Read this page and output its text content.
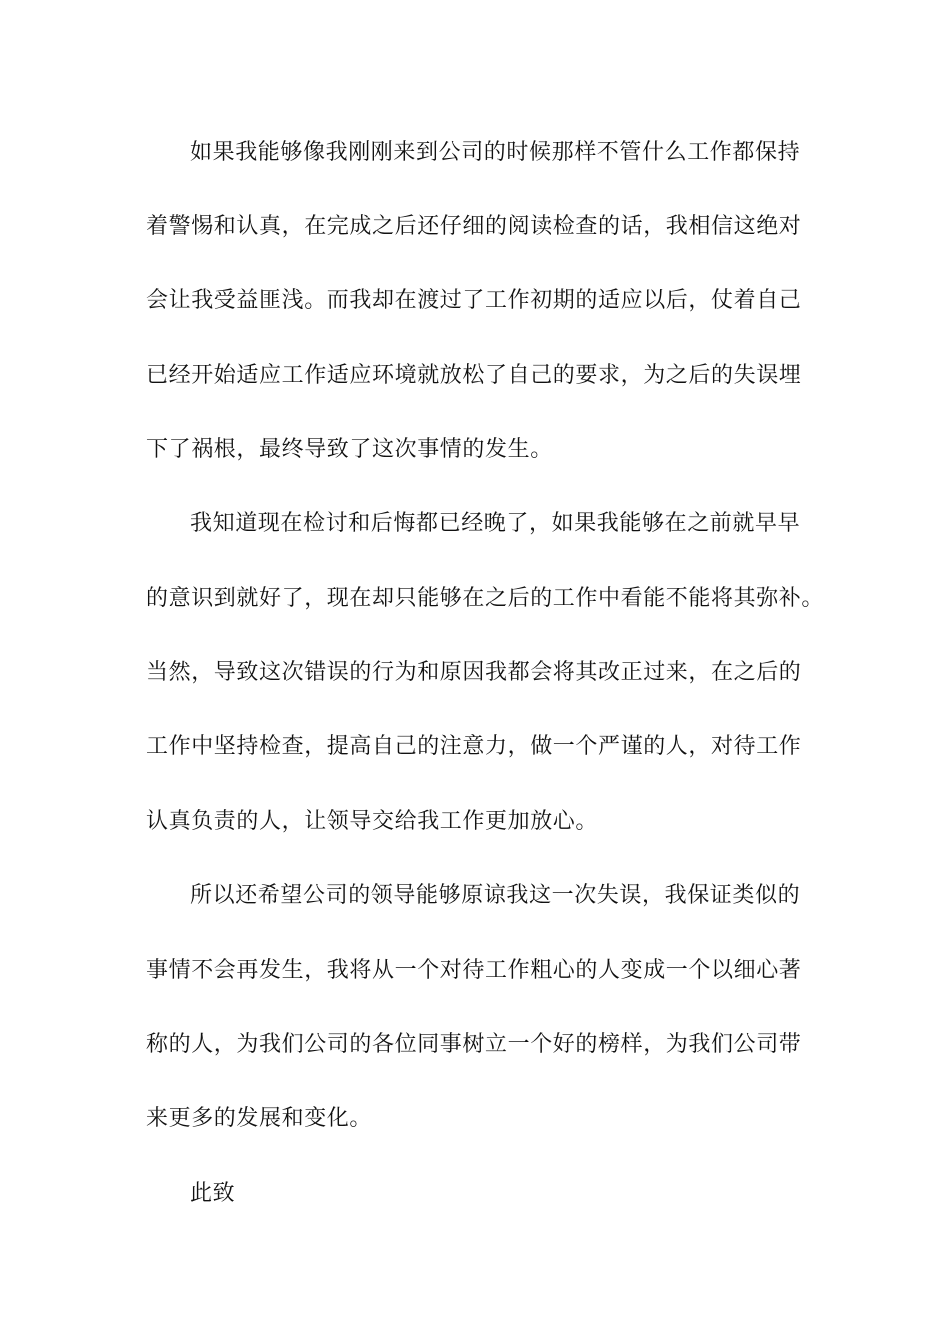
如果我能够像我刚刚来到公司的时候那样不管什么工作都保持
着警惕和认真，在完成之后还仔细的阅读检查的话，我相信这绝对
会让我受益匪浅。而我却在渡过了工作初期的适应以后，仗着自己
已经开始适应工作适应环境就放松了自己的要求，为之后的失误埋
下了祸根，最终导致了这次事情的发生。
我知道现在检讨和后悔都已经晚了，如果我能够在之前就早早
的意识到就好了，现在却只能够在之后的工作中看能不能将其弥补。
当然，导致这次错误的行为和原因我都会将其改正过来，在之后的
工作中坚持检查，提高自己的注意力，做一个严谨的人，对待工作
认真负责的人，让领导交给我工作更加放心。
所以还希望公司的领导能够原谅我这一次失误，我保证类似的
事情不会再发生，我将从一个对待工作粗心的人变成一个以细心著
称的人，为我们公司的各位同事树立一个好的榜样，为我们公司带
来更多的发展和变化。
此致
